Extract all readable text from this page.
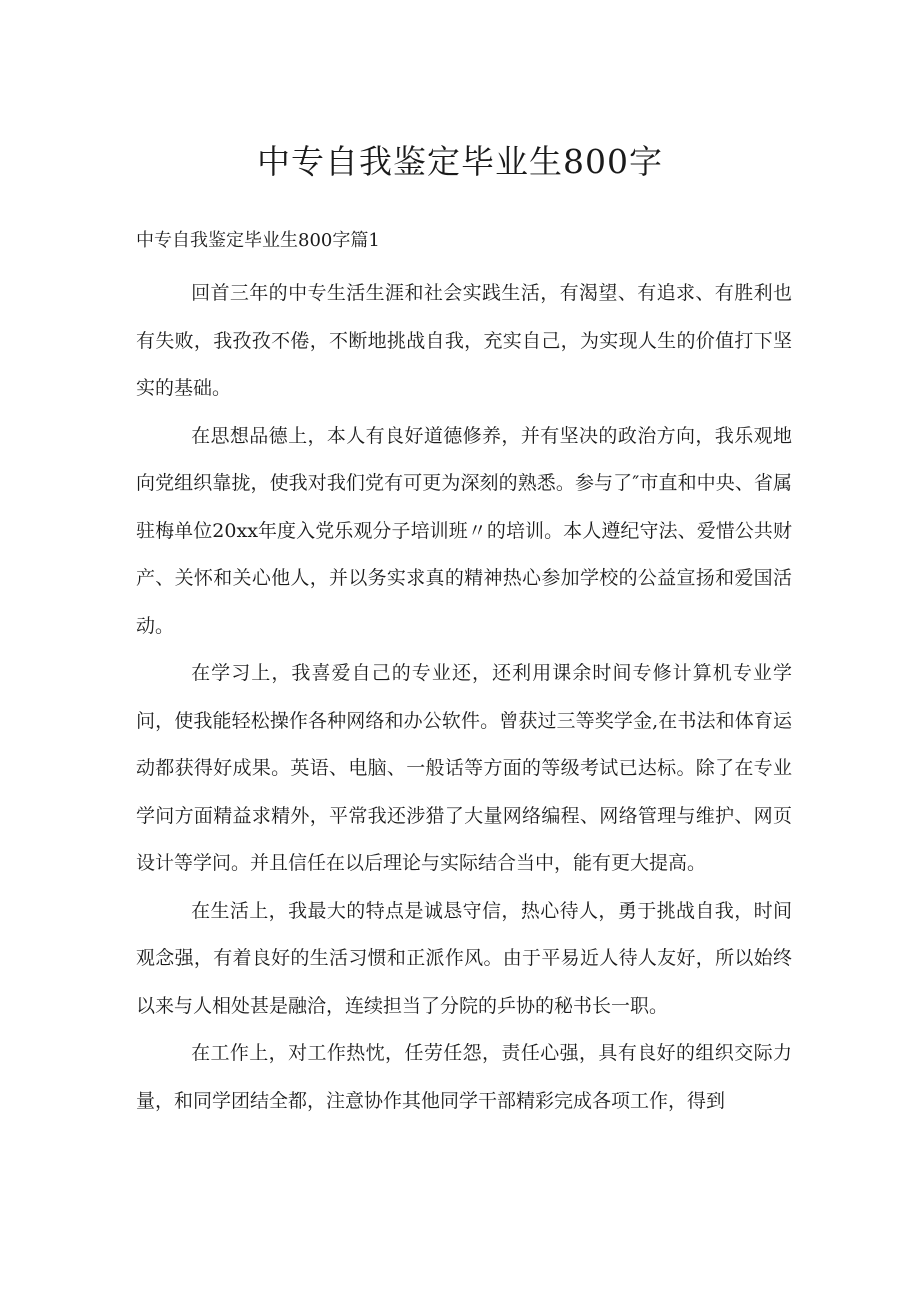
中专自我鉴定毕业生800字
中专自我鉴定毕业生800字篇1

回首三年的中专生活生涯和社会实践生活，有渴望、有追求、有胜利也有失败，我孜孜不倦，不断地挑战自我，充实自己，为实现人生的价值打下坚实的基础。

在思想品德上，本人有良好道德修养，并有坚决的政治方向，我乐观地向党组织靠拢，使我对我们党有可更为深刻的熟悉。参与了″市直和中央、省属驻梅单位20xx年度入党乐观分子培训班〃的培训。本人遵纪守法、爱惜公共财产、关怀和关心他人，并以务实求真的精神热心参加学校的公益宣扬和爱国活动。

在学习上，我喜爱自己的专业还，还利用课余时间专修计算机专业学问，使我能轻松操作各种网络和办公软件。曾获过三等奖学金,在书法和体育运动都获得好成果。英语、电脑、一般话等方面的等级考试已达标。除了在专业学问方面精益求精外，平常我还涉猎了大量网络编程、网络管理与维护、网页设计等学问。并且信任在以后理论与实际结合当中，能有更大提高。

在生活上，我最大的特点是诚恳守信，热心待人，勇于挑战自我，时间观念强，有着良好的生活习惯和正派作风。由于平易近人待人友好，所以始终以来与人相处甚是融洽，连续担当了分院的乒协的秘书长一职。

在工作上，对工作热忱，任劳任怨，责任心强，具有良好的组织交际力量，和同学团结全都，注意协作其他同学干部精彩完成各项工作，得到
